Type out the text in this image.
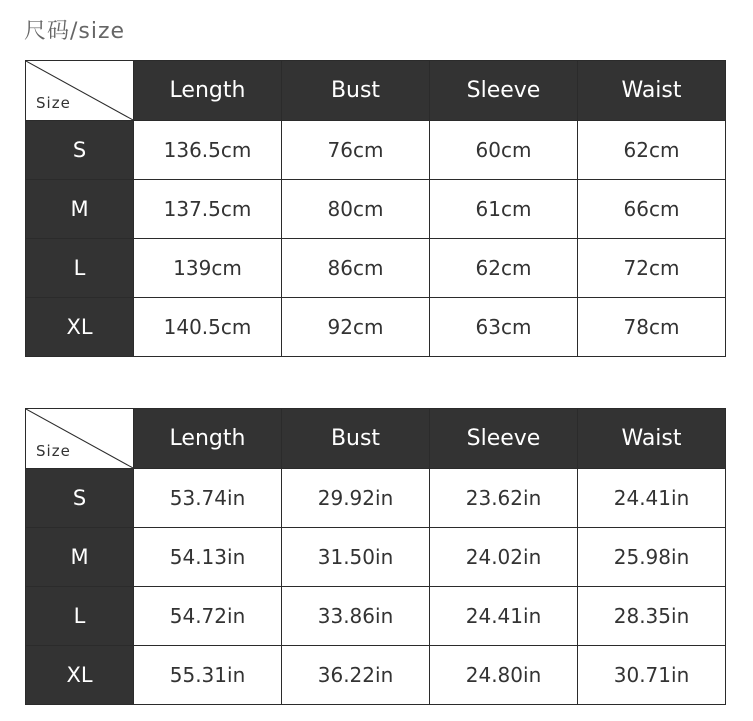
尺码/size
Size	Length	Bust	Sleeve	Waist
S	136.5cm	76cm	60cm	62cm
M	137.5cm	80cm	61cm	66cm
L	139cm	86cm	62cm	72cm
XL	140.5cm	92cm	63cm	78cm
Size	Length	Bust	Sleeve	Waist
S	53.74in	29.92in	23.62in	24.41in
M	54.13in	31.50in	24.02in	25.98in
L	54.72in	33.86in	24.41in	28.35in
XL	55.31in	36.22in	24.80in	30.71in
